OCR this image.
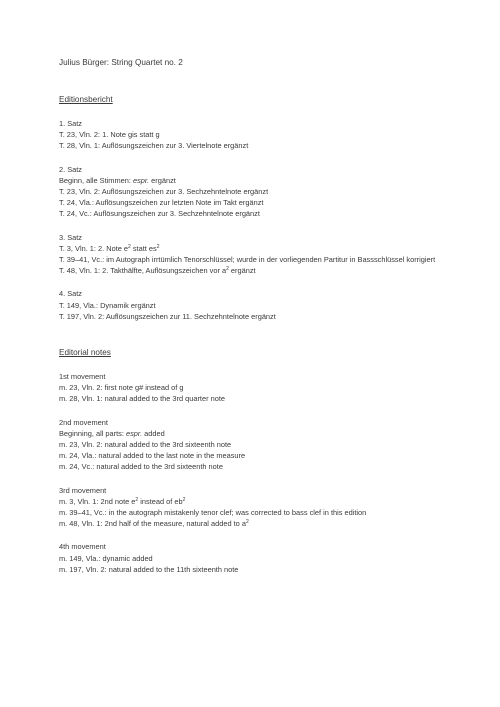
Julius Bürger: String Quartet no. 2

Editionsbericht

1. Satz

T. 23, Vln. 2: 1. Note gis statt g

T. 28, Vln. 1: Auflösungszeichen zur 3. Viertelnote ergänzt

2. Satz

Beginn, alle Stimmen: espr. ergänzt

T. 23, Vln. 2: Auflösungszeichen zur 3. Sechzehntelnote ergänzt

T. 24, Vla.: Auflösungszeichen zur letzten Note im Takt ergänzt

T. 24, Vc.: Auflösungszeichen zur 3. Sechzehntelnote ergänzt

3. Satz

T. 3, Vln. 1: 2. Note $e^2$ statt $es^2$

T. 39–41, Vc.: im Autograph irrtümlich Tenorschlüssel; wurde in der vorliegenden Partitur in Bassschlüssel korrigiert

T. 48, Vln. 1: 2. Takthälfte, Auflösungszeichen vor $a^2$ ergänzt

4. Satz

T. 149, Vla.: Dynamik ergänzt

T. 197, Vln. 2: Auflösungszeichen zur 11. Sechzehntelnote ergänzt

Editorial notes

1st movement

m. 23, Vln. 2: first note g# instead of g

m. 28, Vln. 1: natural added to the 3rd quarter note

2nd movement

Beginning, all parts: espr. added

m. 23, Vln. 2: natural added to the 3rd sixteenth note

m. 24, Vla.: natural added to the last note in the measure

m. 24, Vc.: natural added to the 3rd sixteenth note

3rd movement

m. 3, Vln. 1: 2nd note $e^2$ instead of $eb^2$

m. 39–41, Vc.: in the autograph mistakenly tenor clef; was corrected to bass clef in this edition

m. 48, Vln. 1: 2nd half of the measure, natural added to $a^2$

4th movement

m. 149, Vla.: dynamic added

m. 197, Vln. 2: natural added to the 11th sixteenth note
